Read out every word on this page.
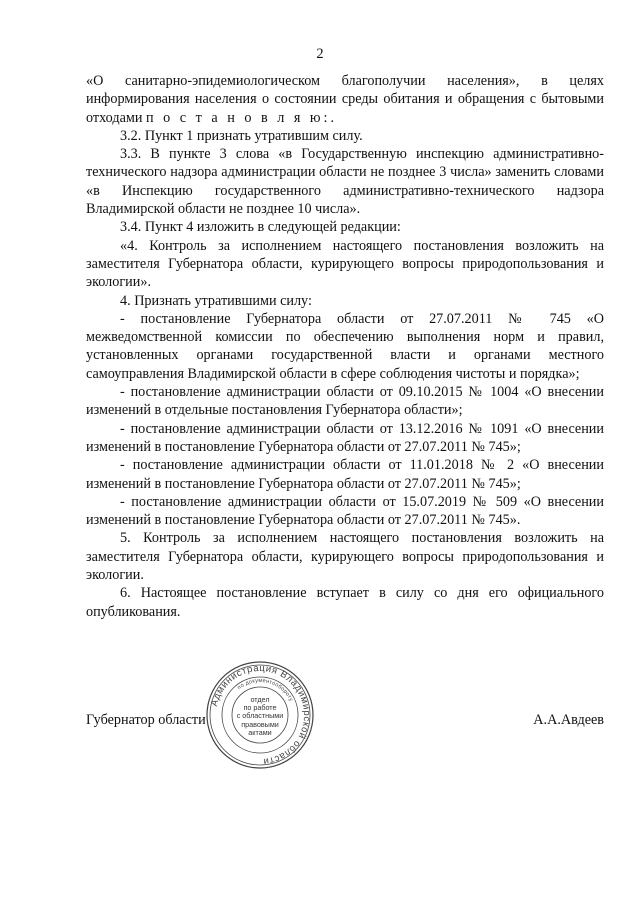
2

«О санитарно-эпидемиологическом благополучии населения», в целях информирования населения о состоянии среды обитания и обращения с бытовыми отходами п о с т а н о в л я ю:.

3.2. Пункт 1 признать утратившим силу.

3.3. В пункте 3 слова «в Государственную инспекцию административно-технического надзора администрации области не позднее 3 числа» заменить словами «в Инспекцию государственного административно-технического надзора Владимирской области не позднее 10 числа».

3.4. Пункт 4 изложить в следующей редакции:

«4. Контроль за исполнением настоящего постановления возложить на заместителя Губернатора области, курирующего вопросы природопользования и экологии».

4. Признать утратившими силу:

- постановление Губернатора области от 27.07.2011 № 745 «О межведомственной комиссии по обеспечению выполнения норм и правил, установленных органами государственной власти и органами местного самоуправления Владимирской области в сфере соблюдения чистоты и порядка»;

- постановление администрации области от 09.10.2015 № 1004 «О внесении изменений в отдельные постановления Губернатора области»;

- постановление администрации области от 13.12.2016 № 1091 «О внесении изменений в постановление Губернатора области от 27.07.2011 № 745»;

- постановление администрации области от 11.01.2018 № 2 «О внесении изменений в постановление Губернатора области от 27.07.2011 № 745»;

- постановление администрации области от 15.07.2019 № 509 «О внесении изменений в постановление Губернатора области от 27.07.2011 № 745».

5. Контроль за исполнением настоящего постановления возложить на заместителя Губернатора области, курирующего вопросы природопользования и экологии.

6. Настоящее постановление вступает в силу со дня его официального опубликования.

Губернатор области	А.А.Авдеев
Администрация Владимирской области
по документообороту
отдел
по работе
с областными
правовыми
актами
